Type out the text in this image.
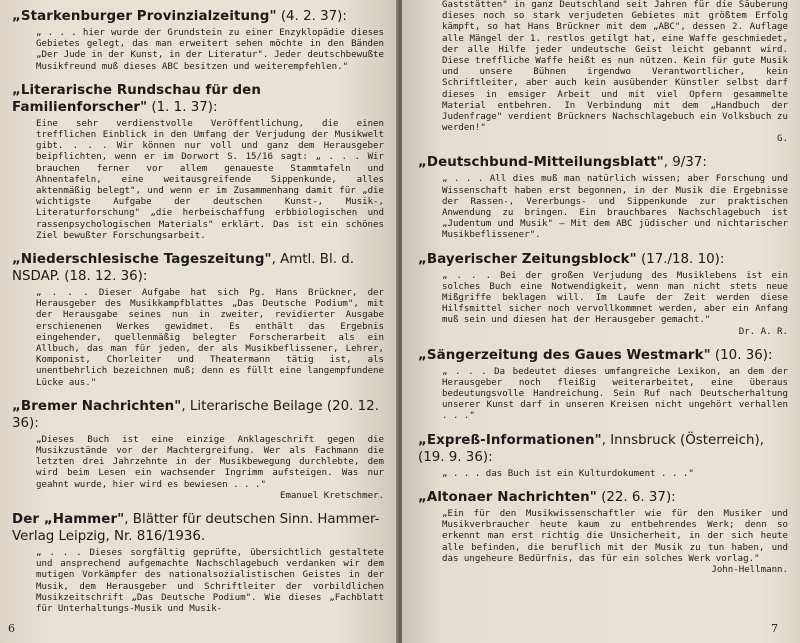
„Starkenburger Provinzialzeitung" (4. 2. 37):

„ . . . hier wurde der Grundstein zu einer Enzyklopädie dieses Gebietes gelegt, das man erweitert sehen möchte in den Bänden „Der Jude in der Kunst, in der Literatur". Jeder deutschbewußte Musikfreund muß dieses ABC besitzen und weiterempfehlen."

„Literarische Rundschau für den Familienforscher" (1. 1. 37):

Eine sehr verdienstvolle Veröffentlichung, die einen trefflichen Einblick in den Umfang der Verjudung der Musikwelt gibt. . . . Wir können nur voll und ganz dem Herausgeber beipflichten, wenn er im Dorwort S. 15/16 sagt: „ . . . Wir brauchen ferner vor allem genaueste Stammtafeln und Ahnentafeln, eine weitausgreifende Sippenkunde, alles aktenmäßig belegt", und wenn er im Zusammenhang damit für „die wichtigste Aufgabe der deutschen Kunst-, Musik-, Literaturforschung" „die herbeischaffung erbbiologischen und rassenpsychologischen Materials" erklärt. Das ist ein schönes Ziel bewußter Forschungsarbeit.

„Niederschlesische Tageszeitung", Amtl. Bl. d. NSDAP. (18. 12. 36):

„ . . . Dieser Aufgabe hat sich Pg. Hans Brückner, der Herausgeber des Musikkampfblattes „Das Deutsche Podium", mit der Herausgabe seines nun in zweiter, revidierter Ausgabe erschienenen Werkes gewidmet. Es enthält das Ergebnis eingehender, quellenmäßig belegter Forscherarbeit als ein Allbuch, das man für jeden, der als Musikbeflissener, Lehrer, Komponist, Chorleiter und Theatermann tätig ist, als unentbehrlich bezeichnen muß; denn es füllt eine langempfundene Lücke aus."

„Bremer Nachrichten", Literarische Beilage (20. 12. 36):

„Dieses Buch ist eine einzige Anklageschrift gegen die Musikzustände vor der Machtergreifung. Wer als Fachmann die letzten drei Jahrzehnte in der Musikbewegung durchlebte, dem wird beim Lesen ein wachsender Ingrimm aufsteigen. Was nur geahnt wurde, hier wird es bewiesen . . ."

Emanuel Kretschmer.

Der „Hammer", Blätter für deutschen Sinn. Hammer-Verlag Leipzig, Nr. 816/1936.

„ . . . Dieses sorgfältig geprüfte, übersichtlich gestaltete und ansprechend aufgemachte Nachschlagebuch verdanken wir dem mutigen Vorkämpfer des nationalsozialistischen Geistes in der Musik, dem Herausgeber und Schriftleiter der vorbildlichen Musikzeitschrift „Das Deutsche Podium". Wie dieses „Fachblatt für Unterhaltungs-Musik und Musik-

6

Gaststätten" in ganz Deutschland seit Jahren für die Säuberung dieses noch so stark verjudeten Gebietes mit größtem Erfolg kämpft, so hat Hans Brückner mit dem „ABC", dessen 2. Auflage alle Mängel der 1. restlos getilgt hat, eine Waffe geschmiedet, der alle Hilfe jeder undeutsche Geist leicht gebannt wird. Diese treffliche Waffe heißt es nun nützen. Kein für gute Musik und unsere Bühnen irgendwo Verantwortlicher, kein Schriftleiter, aber auch kein ausübender Künstler selbst darf dieses in emsiger Arbeit und mit viel Opfern gesammelte Material entbehren. In Verbindung mit dem „Handbuch der Judenfrage" verdient Brückners Nachschlagebuch ein Volksbuch zu werden!"

G.

„Deutschbund-Mitteilungsblatt", 9/37:

„ . . . All dies muß man natürlich wissen; aber Forschung und Wissenschaft haben erst begonnen, in der Musik die Ergebnisse der Rassen-, Vererbungs- und Sippenkunde zur praktischen Anwendung zu bringen. Ein brauchbares Nachschlagebuch ist „Judentum und Musik" — Mit dem ABC jüdischer und nichtarischer Musikbeflissener".

„Bayerischer Zeitungsblock" (17./18. 10):

„ . . . Bei der großen Verjudung des Musiklebens ist ein solches Buch eine Notwendigkeit, wenn man nicht stets neue Mißgriffe beklagen will. Im Laufe der Zeit werden diese Hilfsmittel sicher noch vervollkommnet werden, aber ein Anfang muß sein und diesen hat der Herausgeber gemacht."

Dr. A. R.

„Sängerzeitung des Gaues Westmark" (10. 36):

„ . . . Da bedeutet dieses umfangreiche Lexikon, an dem der Herausgeber noch fleißig weiterarbeitet, eine überaus bedeutungsvolle Handreichung. Sein Ruf nach Deutscherhaltung unserer Kunst darf in unseren Kreisen nicht ungehört verhallen . . ."

„Expreß-Informationen", Innsbruck (Österreich), (19. 9. 36):

„ . . . das Buch ist ein Kulturdokument . . ."

„Altonaer Nachrichten" (22. 6. 37):

„Ein für den Musikwissenschaftler wie für den Musiker und Musikverbraucher heute kaum zu entbehrendes Werk; denn so erkennt man erst richtig die Unsicherheit, in der sich heute alle befinden, die beruflich mit der Musik zu tun haben, und das ungeheure Bedürfnis, das für ein solches Werk vorlag."

John-Hellmann.

7
